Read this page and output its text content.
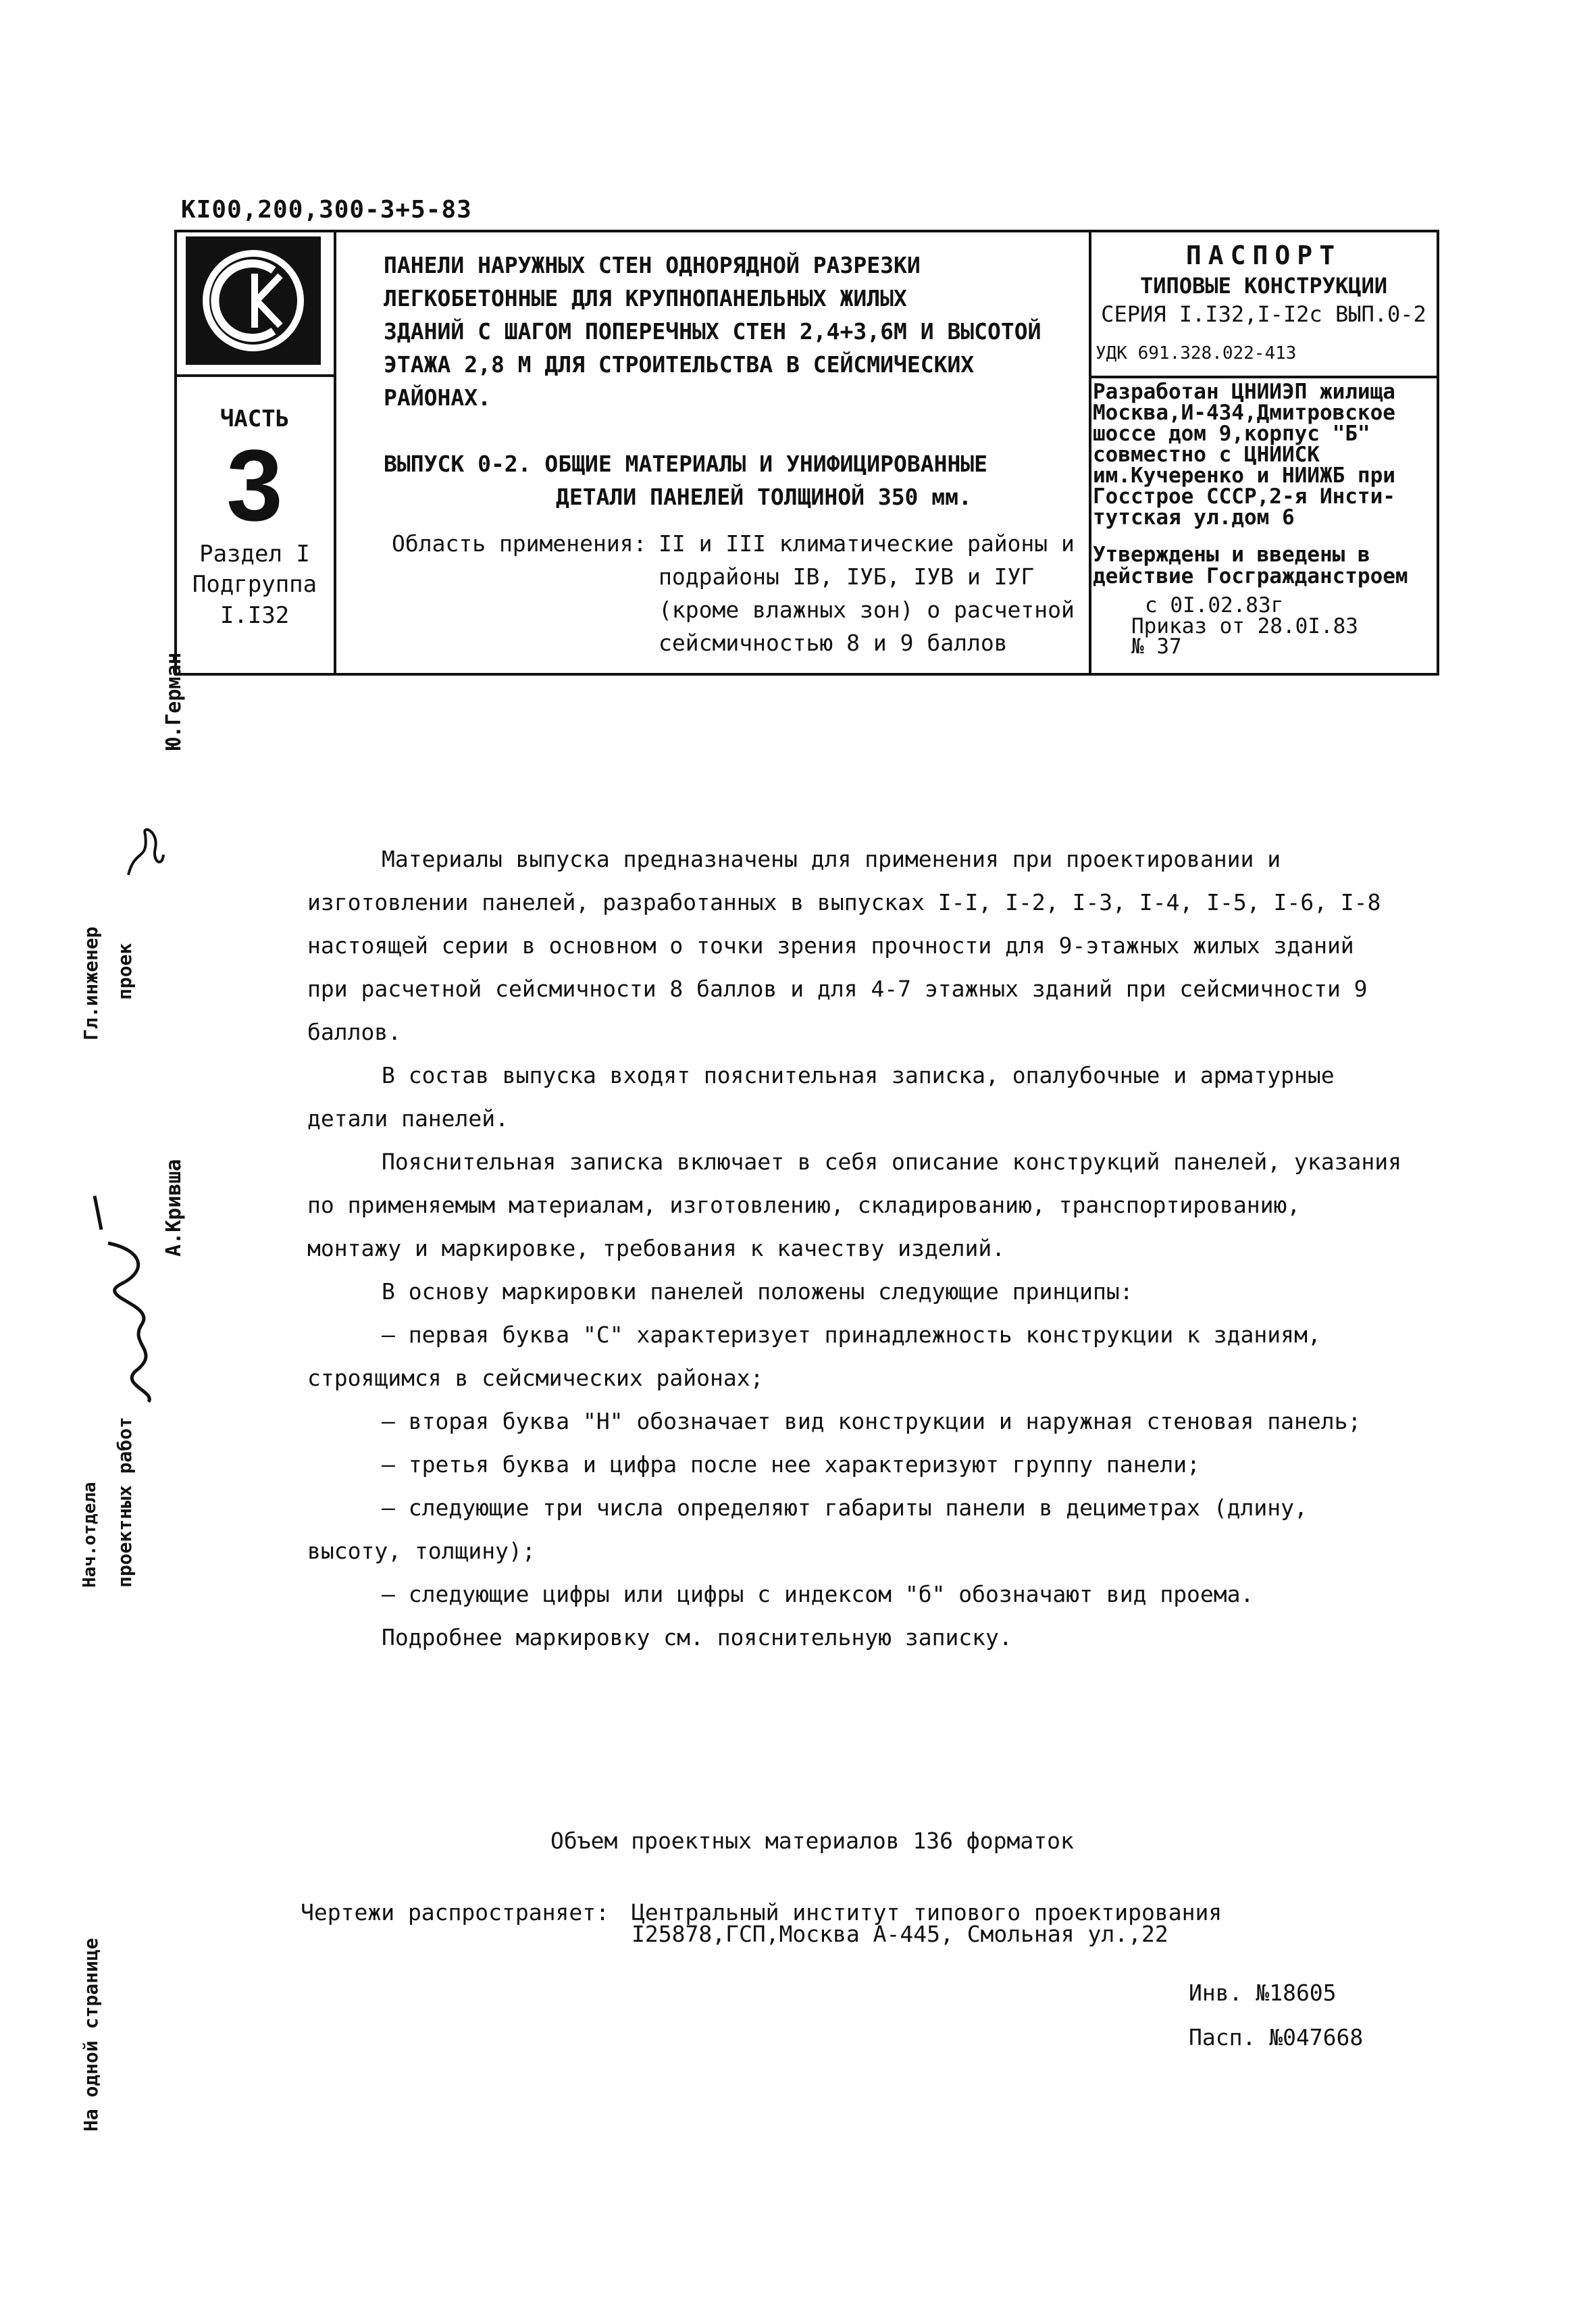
КI00,200,300-3+5-83
ЧАСТЬ
3
Раздел I
Подгруппа
I.I32
ПАНЕЛИ НАРУЖНЫХ СТЕН ОДНОРЯДНОЙ РАЗРЕЗКИ
ЛЕГКОБЕТОННЫЕ ДЛЯ КРУПНОПАНЕЛЬНЫХ ЖИЛЫХ
ЗДАНИЙ С ШАГОМ ПОПЕРЕЧНЫХ СТЕН 2,4+3,6М И ВЫСОТОЙ
ЭТАЖА 2,8 М ДЛЯ СТРОИТЕЛЬСТВА В СЕЙСМИЧЕСКИХ
РАЙОНАХ.
ВЫПУСК 0-2. ОБЩИЕ МАТЕРИАЛЫ И УНИФИЦИРОВАННЫЕ
ДЕТАЛИ ПАНЕЛЕЙ ТОЛЩИНОЙ 350 мм.
Область применения: II и III климатические районы и подрайоны IВ, IУБ, IУВ и IУГ (кроме влажных зон) о расчетной сейсмичностью 8 и 9 баллов
ПАСПОРТ
ТИПОВЫЕ КОНСТРУКЦИИ
СЕРИЯ I.I32,I-I2с ВЫП.0-2
УДК 691.328.022-413
Разработан ЦНИИЭП жилища
Москва,И-434,Дмитровское
шоссе дом 9,корпус "Б"
совместно с ЦНИИСК
им.Кучеренко и НИИЖБ при
Госстрое СССР,2-я Инсти-
тутская ул.дом 6
Утверждены и введены в
действие Госгражданстроем
с 0I.02.83г
Приказ от 28.0I.83
№ 37
Ю.Герман
Гл.инженер проек
А.Кривша
Нач.отдела проектных работ
На одной странице
Материалы выпуска предназначены для применения при проектировании и изготовлении панелей, разработанных в выпусках I-I, I-2, I-3, I-4, I-5, I-6, I-8 настоящей серии в основном о точки зрения прочности для 9-этажных жилых зданий при расчетной сейсмичности 8 баллов и для 4-7 этажных зданий при сейсмичности 9 баллов.
В состав выпуска входят пояснительная записка, опалубочные и арматурные детали панелей.
Пояснительная записка включает в себя описание конструкций панелей, указания по применяемым материалам, изготовлению, складированию, транспортированию, монтажу и маркировке, требования к качеству изделий.
В основу маркировки панелей положены следующие принципы:
– первая буква "С" характеризует принадлежность конструкции к зданиям, строящимся в сейсмических районах;
– вторая буква "Н" обозначает вид конструкции и наружная стеновая панель;
– третья буква и цифра после нее характеризуют группу панели;
– следующие три числа определяют габариты панели в дециметрах (длину, высоту, толщину);
– следующие цифры или цифры с индексом "б" обозначают вид проема.
Подробнее маркировку см. пояснительную записку.
Объем проектных материалов 136 форматок
Чертежи распространяет: Центральный институт типового проектирования
I25878,ГСП,Москва А-445, Смольная ул.,22
Инв. №18605
Пасп. №047668
